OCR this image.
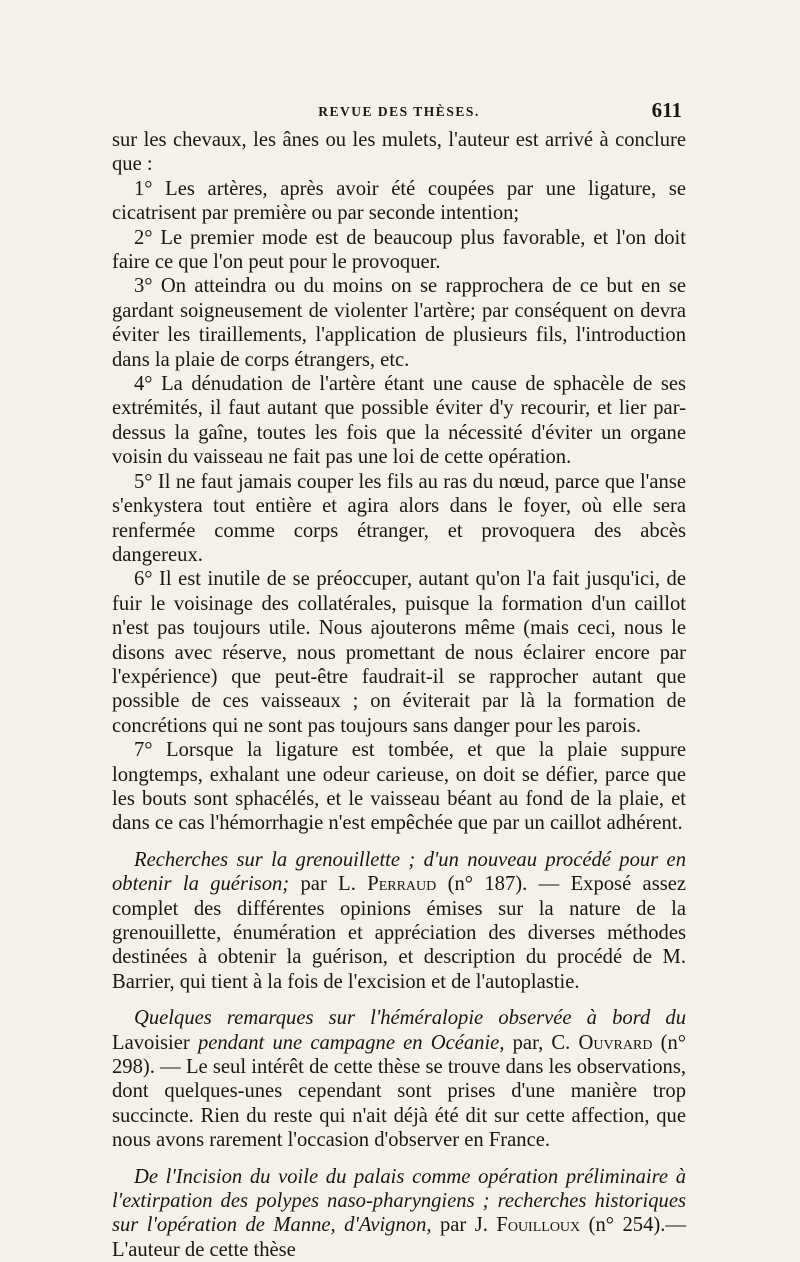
REVUE DES THÈSES.	611

sur les chevaux, les ânes ou les mulets, l'auteur est arrivé à conclure que :

1° Les artères, après avoir été coupées par une ligature, se cicatrisent par première ou par seconde intention;

2° Le premier mode est de beaucoup plus favorable, et l'on doit faire ce que l'on peut pour le provoquer.

3° On atteindra ou du moins on se rapprochera de ce but en se gardant soigneusement de violenter l'artère; par conséquent on devra éviter les tiraillements, l'application de plusieurs fils, l'introduction dans la plaie de corps étrangers, etc.

4° La dénudation de l'artère étant une cause de sphacèle de ses extrémités, il faut autant que possible éviter d'y recourir, et lier par-dessus la gaîne, toutes les fois que la nécessité d'éviter un organe voisin du vaisseau ne fait pas une loi de cette opération.

5° Il ne faut jamais couper les fils au ras du nœud, parce que l'anse s'enkystera tout entière et agira alors dans le foyer, où elle sera renfermée comme corps étranger, et provoquera des abcès dangereux.

6° Il est inutile de se préoccuper, autant qu'on l'a fait jusqu'ici, de fuir le voisinage des collatérales, puisque la formation d'un caillot n'est pas toujours utile. Nous ajouterons même (mais ceci, nous le disons avec réserve, nous promettant de nous éclairer encore par l'expérience) que peut-être faudrait-il se rapprocher autant que possible de ces vaisseaux ; on éviterait par là la formation de concrétions qui ne sont pas toujours sans danger pour les parois.

7° Lorsque la ligature est tombée, et que la plaie suppure longtemps, exhalant une odeur carieuse, on doit se défier, parce que les bouts sont sphacélés, et le vaisseau béant au fond de la plaie, et dans ce cas l'hémorrhagie n'est empêchée que par un caillot adhérent.

Recherches sur la grenouillette ; d'un nouveau procédé pour en obtenir la guérison; par L. Perraud (n° 187). — Exposé assez complet des différentes opinions émises sur la nature de la grenouillette, énumération et appréciation des diverses méthodes destinées à obtenir la guérison, et description du procédé de M. Barrier, qui tient à la fois de l'excision et de l'autoplastie.

Quelques remarques sur l'héméralopie observée à bord du Lavoisier pendant une campagne en Océanie, par, C. Ouvrard (n° 298). — Le seul intérêt de cette thèse se trouve dans les observations, dont quelques-unes cependant sont prises d'une manière trop succincte. Rien du reste qui n'ait déjà été dit sur cette affection, que nous avons rarement l'occasion d'observer en France.

De l'Incision du voile du palais comme opération préliminaire à l'extirpation des polypes naso-pharyngiens ; recherches historiques sur l'opération de Manne, d'Avignon, par J. Fouilloux (n° 254).—L'auteur de cette thèse
